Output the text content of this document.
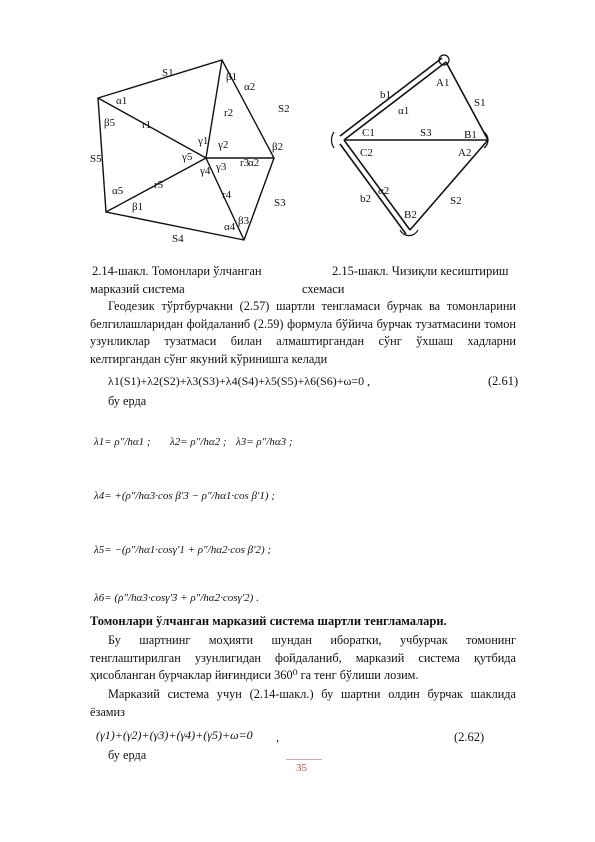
S1
S2
S3
S4
S5
r1
r2
r3
r4
r5
α1
α2
α2
α4
α5
β1
β2
β3
β1
β5
γ1 γ2
γ3
γ4
γ5
A1
A2
B1
B2
C1
C2
b1
b2
S1
S2
S3
α1
α2
2.14-шакл. Томонлари ўлчанган
марказий система
2.15-шакл. Чизиқли кесиштириш
схемаси

Геодезик тўртбурчакни (2.57) шартли тенгламаси бурчак ва томонларини белгилашларидан фойдаланиб (2.59) формула бўйича бурчак тузатмасини томон узунликлар тузатмаси билан алмаштиргандан сўнг ўхшаш хадларни келтиргандан сўнг якуний кўринишга келади

λ1(S1)+λ2(S2)+λ3(S3)+λ4(S4)+λ5(S5)+λ6(S6)+ω=0 ,	(2.61)
бу ерда
λ1= ρ"/hα1 ; λ2= ρ"/hα2 ; λ3= ρ"/hα3 ;
λ4= +(ρ"/hα3·cos β'3 − ρ"/hα1·cos β'1) ;
λ5= −(ρ"/hα1·cosγ'1 + ρ"/hα2·cos β'2) ;
λ6= (ρ"/hα3·cosγ'3 + ρ"/hα2·cosγ'2) .
Томонлари ўлчанган марказий система шартли тенгламалари.

Бу шартнинг моҳияти шундан иборатки, учбурчак томонинг тенглаштирилган узунлигидан фойдаланиб, марказий система қутбида ҳисобланган бурчаклар йиғиндиси 360⁰ га тенг бўлиши лозим.

Марказий система учун (2.14-шакл.) бу шартни олдин бурчак шаклида ёзамиз

(γ1)+(γ2)+(γ3)+(γ4)+(γ5)+ω=0 ,	(2.62)
бу ерда
35
